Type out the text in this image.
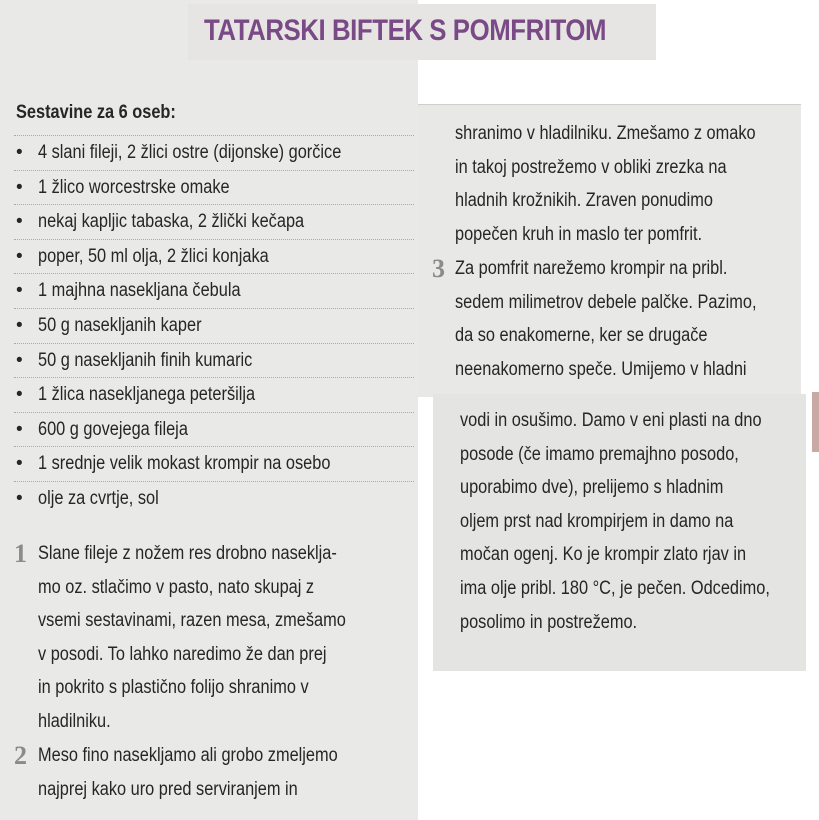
TATARSKI BIFTEK S POMFRITOM
Sestavine za 6 oseb:
• 4 slani fileji, 2 žlici ostre (dijonske) gorčice
• 1 žlico worcestrske omake
• nekaj kapljic tabaska, 2 žlički kečapa
• poper, 50 ml olja, 2 žlici konjaka
• 1 majhna nasekljana čebula
• 50 g nasekljanih kaper
• 50 g nasekljanih finih kumaric
• 1 žlica nasekljanega peteršilja
• 600 g govejega fileja
• 1 srednje velik mokast krompir na osebo
• olje za cvrtje, sol
1 Slane fileje z nožem res drobno naseklja-
mo oz. stlačimo v pasto, nato skupaj z
vsemi sestavinami, razen mesa, zmešamo
v posodi. To lahko naredimo že dan prej
in pokrito s plastično folijo shranimo v
hladilniku.
2 Meso fino nasekljamo ali grobo zmeljemo
najprej kako uro pred serviranjem in
shranimo v hladilniku. Zmešamo z omako
in takoj postrežemo v obliki zrezka na
hladnih krožnikih. Zraven ponudimo
popečen kruh in maslo ter pomfrit.
3 Za pomfrit narežemo krompir na pribl.
sedem milimetrov debele palčke. Pazimo,
da so enakomerne, ker se drugače
neenakomerno speče. Umijemo v hladni
vodi in osušimo. Damo v eni plasti na dno
posode (če imamo premajhno posodo,
uporabimo dve), prelijemo s hladnim
oljem prst nad krompirjem in damo na
močan ogenj. Ko je krompir zlato rjav in
ima olje pribl. 180 °C, je pečen. Odcedimo,
posolimo in postrežemo.
